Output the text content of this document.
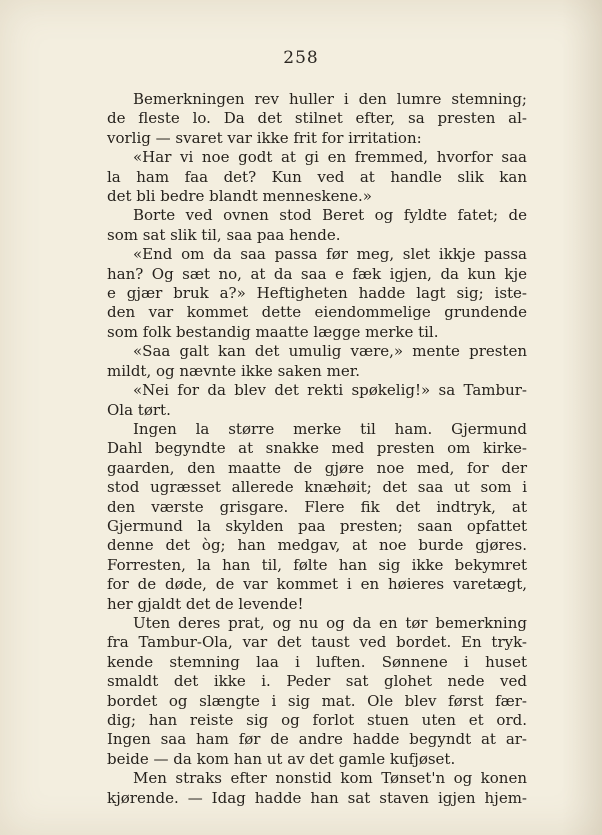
258
Bemerkningen rev huller i den lumre stemning;
de fleste lo. Da det stilnet efter, sa presten al-
vorlig — svaret var ikke frit for irritation:
«Har vi noe godt at gi en fremmed, hvorfor saa
la ham faa det? Kun ved at handle slik kan
det bli bedre blandt menneskene.»
Borte ved ovnen stod Beret og fyldte fatet; de
som sat slik til, saa paa hende.
«End om da saa passa før meg, slet ikkje passa
han? Og sæt no, at da saa e fæk igjen, da kun kje
e gjær bruk a?» Heftigheten hadde lagt sig; iste-
den var kommet dette eiendommelige grundende
som folk bestandig maatte lægge merke til.
«Saa galt kan det umulig være,» mente presten
mildt, og nævnte ikke saken mer.
«Nei for da blev det rekti spøkelig!» sa Tambur-
Ola tørt.
Ingen la større merke til ham. Gjermund
Dahl begyndte at snakke med presten om kirke-
gaarden, den maatte de gjøre noe med, for der
stod ugræsset allerede knæhøit; det saa ut som i
den værste grisgare. Flere fik det indtryk, at
Gjermund la skylden paa presten; saan opfattet
denne det òg; han medgav, at noe burde gjøres.
Forresten, la han til, følte han sig ikke bekymret
for de døde, de var kommet i en høieres varetægt,
her gjaldt det de levende!
Uten deres prat, og nu og da en tør bemerkning
fra Tambur-Ola, var det taust ved bordet. En tryk-
kende stemning laa i luften. Sønnene i huset
smaldt det ikke i. Peder sat glohet nede ved
bordet og slængte i sig mat. Ole blev først fær-
dig; han reiste sig og forlot stuen uten et ord.
Ingen saa ham før de andre hadde begyndt at ar-
beide — da kom han ut av det gamle kufjøset.
Men straks efter nonstid kom Tønset'n og konen
kjørende. — Idag hadde han sat staven igjen hjem-
